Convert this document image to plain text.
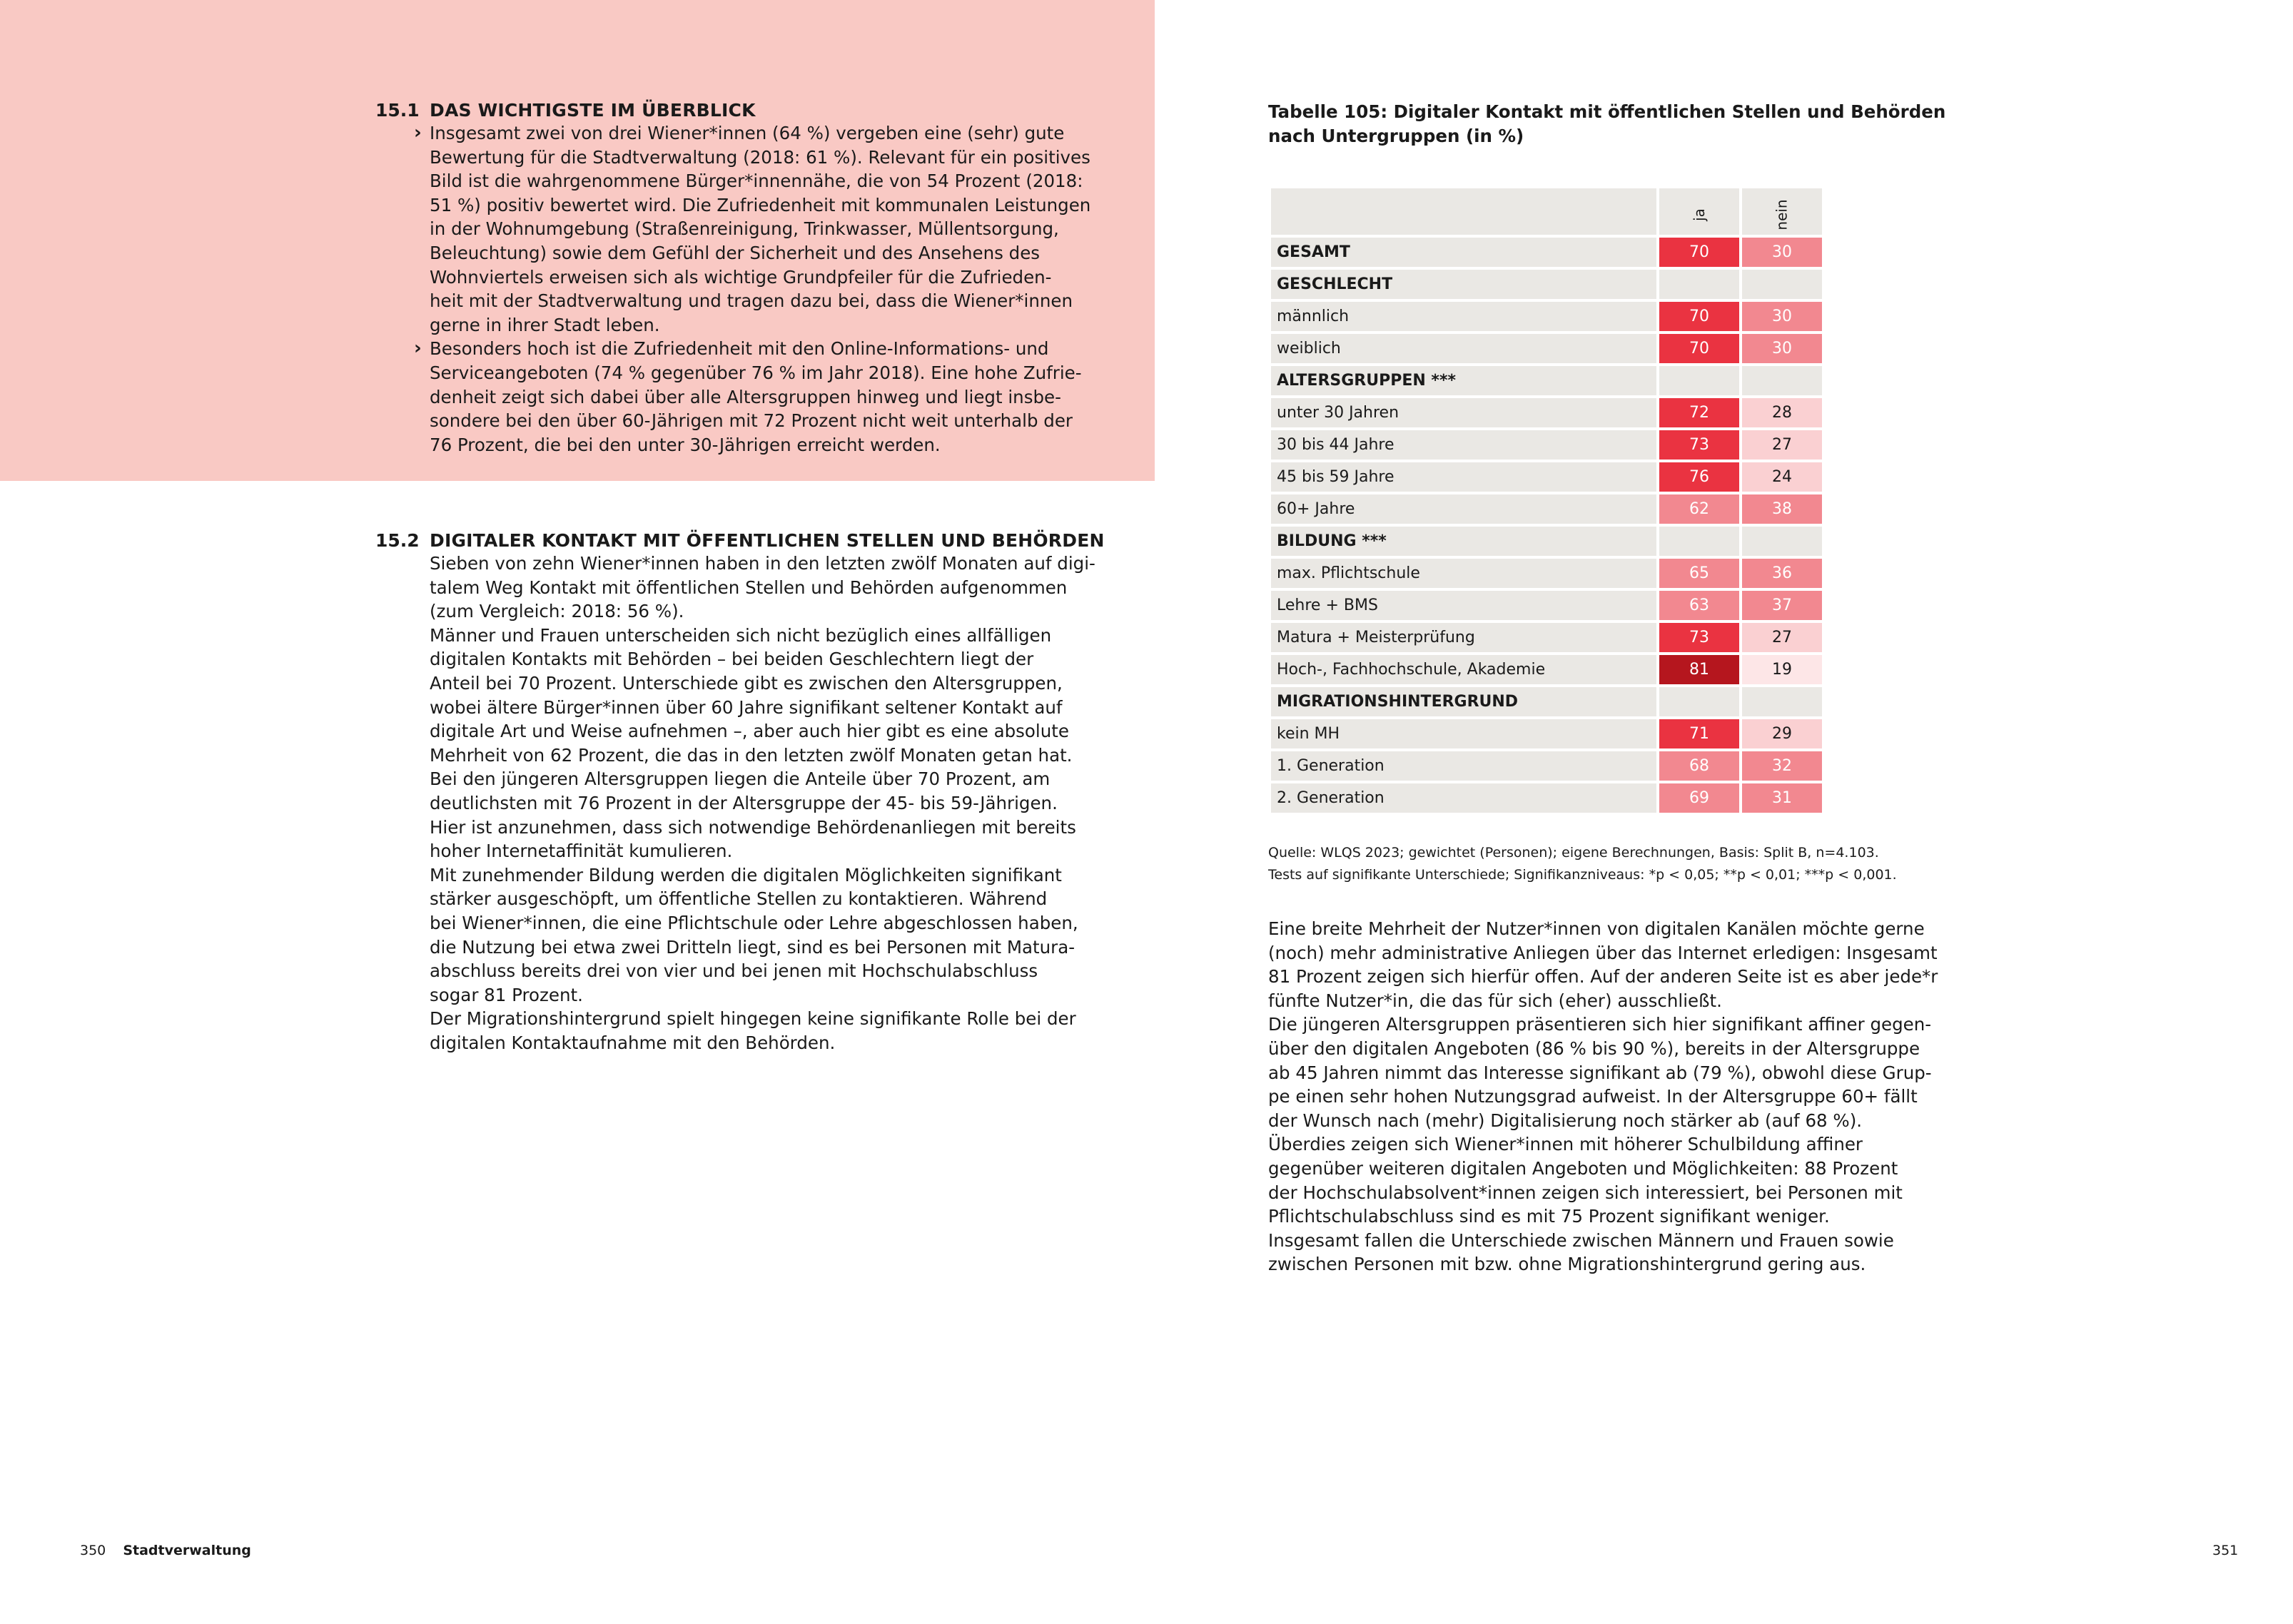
15.1 DAS WICHTIGSTE IM ÜBERBLICK
› Insgesamt zwei von drei Wiener*innen (64 %) vergeben eine (sehr) gute
Bewertung für die Stadtverwaltung (2018: 61 %). Relevant für ein positives
Bild ist die wahrgenommene Bürger*innennähe, die von 54 Prozent (2018:
51 %) positiv bewertet wird. Die Zufriedenheit mit kommunalen Leistungen
in der Wohnumgebung (Straßenreinigung, Trinkwasser, Müllentsorgung,
Beleuchtung) sowie dem Gefühl der Sicherheit und des Ansehens des
Wohnviertels erweisen sich als wichtige Grundpfeiler für die Zufrieden-
heit mit der Stadtverwaltung und tragen dazu bei, dass die Wiener*innen
gerne in ihrer Stadt leben.
› Besonders hoch ist die Zufriedenheit mit den Online-Informations- und
Serviceangeboten (74 % gegenüber 76 % im Jahr 2018). Eine hohe Zufrie-
denheit zeigt sich dabei über alle Altersgruppen hinweg und liegt insbe-
sondere bei den über 60-Jährigen mit 72 Prozent nicht weit unterhalb der
76 Prozent, die bei den unter 30-Jährigen erreicht werden.
15.2 DIGITALER KONTAKT MIT ÖFFENTLICHEN STELLEN UND BEHÖRDEN
Sieben von zehn Wiener*innen haben in den letzten zwölf Monaten auf digi-
talem Weg Kontakt mit öffentlichen Stellen und Behörden aufgenommen
(zum Vergleich: 2018: 56 %).
Männer und Frauen unterscheiden sich nicht bezüglich eines allfälligen
digitalen Kontakts mit Behörden – bei beiden Geschlechtern liegt der
Anteil bei 70 Prozent. Unterschiede gibt es zwischen den Altersgruppen,
wobei ältere Bürger*innen über 60 Jahre signifikant seltener Kontakt auf
digitale Art und Weise aufnehmen –, aber auch hier gibt es eine absolute
Mehrheit von 62 Prozent, die das in den letzten zwölf Monaten getan hat.
Bei den jüngeren Altersgruppen liegen die Anteile über 70 Prozent, am
deutlichsten mit 76 Prozent in der Altersgruppe der 45- bis 59-Jährigen.
Hier ist anzunehmen, dass sich notwendige Behördenanliegen mit bereits
hoher Internetaffinität kumulieren.
Mit zunehmender Bildung werden die digitalen Möglichkeiten signifikant
stärker ausgeschöpft, um öffentliche Stellen zu kontaktieren. Während
bei Wiener*innen, die eine Pflichtschule oder Lehre abgeschlossen haben,
die Nutzung bei etwa zwei Dritteln liegt, sind es bei Personen mit Matura-
abschluss bereits drei von vier und bei jenen mit Hochschulabschluss
sogar 81 Prozent.
Der Migrationshintergrund spielt hingegen keine signifikante Rolle bei der
digitalen Kontaktaufnahme mit den Behörden.
Tabelle 105: Digitaler Kontakt mit öffentlichen Stellen und Behörden
nach Untergruppen (in %)
	ja	nein
GESAMT	70	30
GESCHLECHT		
männlich	70	30
weiblich	70	30
ALTERSGRUPPEN ***		
unter 30 Jahren	72	28
30 bis 44 Jahre	73	27
45 bis 59 Jahre	76	24
60+ Jahre	62	38
BILDUNG ***		
max. Pflichtschule	65	36
Lehre + BMS	63	37
Matura + Meisterprüfung	73	27
Hoch-, Fachhochschule, Akademie	81	19
MIGRATIONSHINTERGRUND		
kein MH	71	29
1. Generation	68	32
2. Generation	69	31
Quelle: WLQS 2023; gewichtet (Personen); eigene Berechnungen, Basis: Split B, n=4.103.
Tests auf signifikante Unterschiede; Signifikanzniveaus: *p < 0,05; **p < 0,01; ***p < 0,001.
Eine breite Mehrheit der Nutzer*innen von digitalen Kanälen möchte gerne
(noch) mehr administrative Anliegen über das Internet erledigen: Insgesamt
81 Prozent zeigen sich hierfür offen. Auf der anderen Seite ist es aber jede*r
fünfte Nutzer*in, die das für sich (eher) ausschließt.
Die jüngeren Altersgruppen präsentieren sich hier signifikant affiner gegen-
über den digitalen Angeboten (86 % bis 90 %), bereits in der Altersgruppe
ab 45 Jahren nimmt das Interesse signifikant ab (79 %), obwohl diese Grup-
pe einen sehr hohen Nutzungsgrad aufweist. In der Altersgruppe 60+ fällt
der Wunsch nach (mehr) Digitalisierung noch stärker ab (auf 68 %).
Überdies zeigen sich Wiener*innen mit höherer Schulbildung affiner
gegenüber weiteren digitalen Angeboten und Möglichkeiten: 88 Prozent
der Hochschulabsolvent*innen zeigen sich interessiert, bei Personen mit
Pflichtschulabschluss sind es mit 75 Prozent signifikant weniger.
Insgesamt fallen die Unterschiede zwischen Männern und Frauen sowie
zwischen Personen mit bzw. ohne Migrationshintergrund gering aus.
350 Stadtverwaltung	351
